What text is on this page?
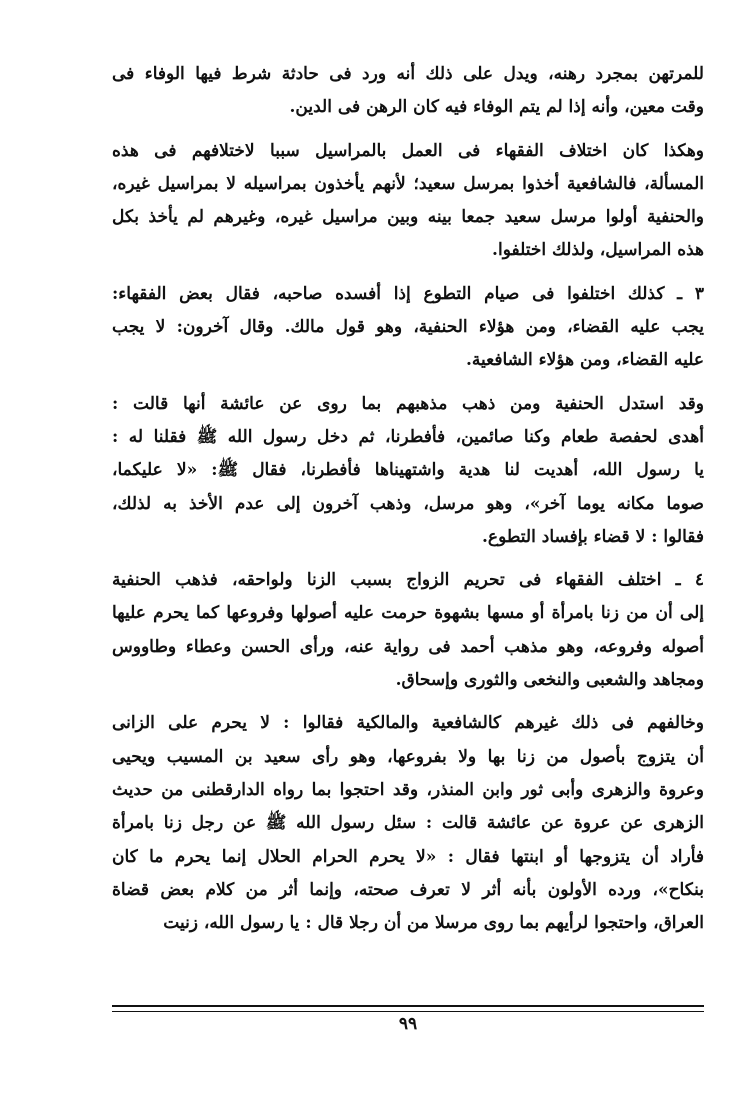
للمرتهن بمجرد رهنه، ويدل على ذلك أنه ورد فى حادثة شرط فيها الوفاء فى
وقت معين، وأنه إذا لم يتم الوفاء فيه كان الرهن فى الدين.

وهكذا كان اختلاف الفقهاء فى العمل بالمراسيل سببا لاختلافهم فى هذه
المسألة، فالشافعية أخذوا بمرسل سعيد؛ لأنهم يأخذون بمراسيله لا بمراسيل غيره،
والحنفية أولوا مرسل سعيد جمعا بينه وبين مراسيل غيره، وغيرهم لم يأخذ بكل
هذه المراسيل، ولذلك اختلفوا.

٣ ـ كذلك اختلفوا فى صيام التطوع إذا أفسده صاحبه، فقال بعض الفقهاء:
يجب عليه القضاء، ومن هؤلاء الحنفية، وهو قول مالك. وقال آخرون: لا يجب
عليه القضاء، ومن هؤلاء الشافعية.

وقد استدل الحنفية ومن ذهب مذهبهم بما روى عن عائشة أنها قالت :
أهدى لحفصة طعام وكنا صائمين، فأفطرنا، ثم دخل رسول الله ﷺ فقلنا له :
يا رسول الله، أهديت لنا هدية واشتهيناها فأفطرنا، فقال ﷺ: «لا عليكما،
صوما مكانه يوما آخر»، وهو مرسل، وذهب آخرون إلى عدم الأخذ به لذلك،
فقالوا : لا قضاء بإفساد التطوع.

٤ ـ اختلف الفقهاء فى تحريم الزواج بسبب الزنا ولواحقه، فذهب الحنفية
إلى أن من زنا بامرأة أو مسها بشهوة حرمت عليه أصولها وفروعها كما يحرم عليها
أصوله وفروعه، وهو مذهب أحمد فى رواية عنه، ورأى الحسن وعطاء وطاووس
ومجاهد والشعبى والنخعى والثورى وإسحاق.

وخالفهم فى ذلك غيرهم كالشافعية والمالكية فقالوا : لا يحرم على الزانى
أن يتزوج بأصول من زنا بها ولا بفروعها، وهو رأى سعيد بن المسيب ويحيى
وعروة والزهرى وأبى ثور وابن المنذر، وقد احتجوا بما رواه الدارقطنى من حديث
الزهرى عن عروة عن عائشة قالت : سئل رسول الله ﷺ عن رجل زنا بامرأة
فأراد أن يتزوجها أو ابنتها فقال : «لا يحرم الحرام الحلال إنما يحرم ما كان
بنكاح»، ورده الأولون بأنه أثر لا تعرف صحته، وإنما أثر من كلام بعض قضاة
العراق، واحتجوا لرأيهم بما روى مرسلا من أن رجلا قال : يا رسول الله، زنيت

٩٩
